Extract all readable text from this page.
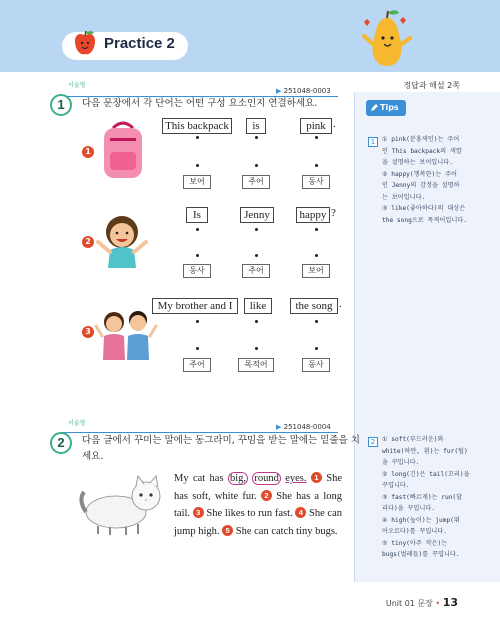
Practice 2
정답과 해설 2쪽
Tips
1	① pink(분홍색인)는 주어
인 This backpack의 색깔
을 설명하는 보어입니다.
② happy(행복한)는 주어
인 Jenny의 감정을 설명하
는 보어입니다.
③ like(좋아하다)의 대상은
the song으로 목적어입니다.
2	① soft(부드러운)와
white(하얀, 흰)는 fur(털)
을 꾸밉니다.
② long(긴)은 tail(꼬리)을
꾸밉니다.
③ fast(빠르게)는 run(달
리다)을 꾸밉니다.
④ high(높이)는 jump(뛰
어오르다)를 꾸밉니다.
⑤ tiny(아주 작은)는
bugs(벌레들)를 꾸밉니다.
▶ 251048-0003
서술형
1	다음 문장에서 각 단어는 어떤 구성 요소인지 연결하세요.
1
This backpack	is	pink .
보어	주어	동사
2
Is	Jenny	happy ?
동사	주어	보어
3
My brother and I	like	the song .
주어	목적어	동사
▶ 251048-0004
서술형
2	다음 글에서 꾸미는 말에는 동그라미, 꾸밈을 받는 말에는 밑줄을 치
세요.
My cat has big, round eyes. 1 She has soft, white fur. 2 She has a long tail. 3 She likes to run fast. 4 She can jump high. 5 She can catch tiny bugs.
Unit 01 문장 • 13
